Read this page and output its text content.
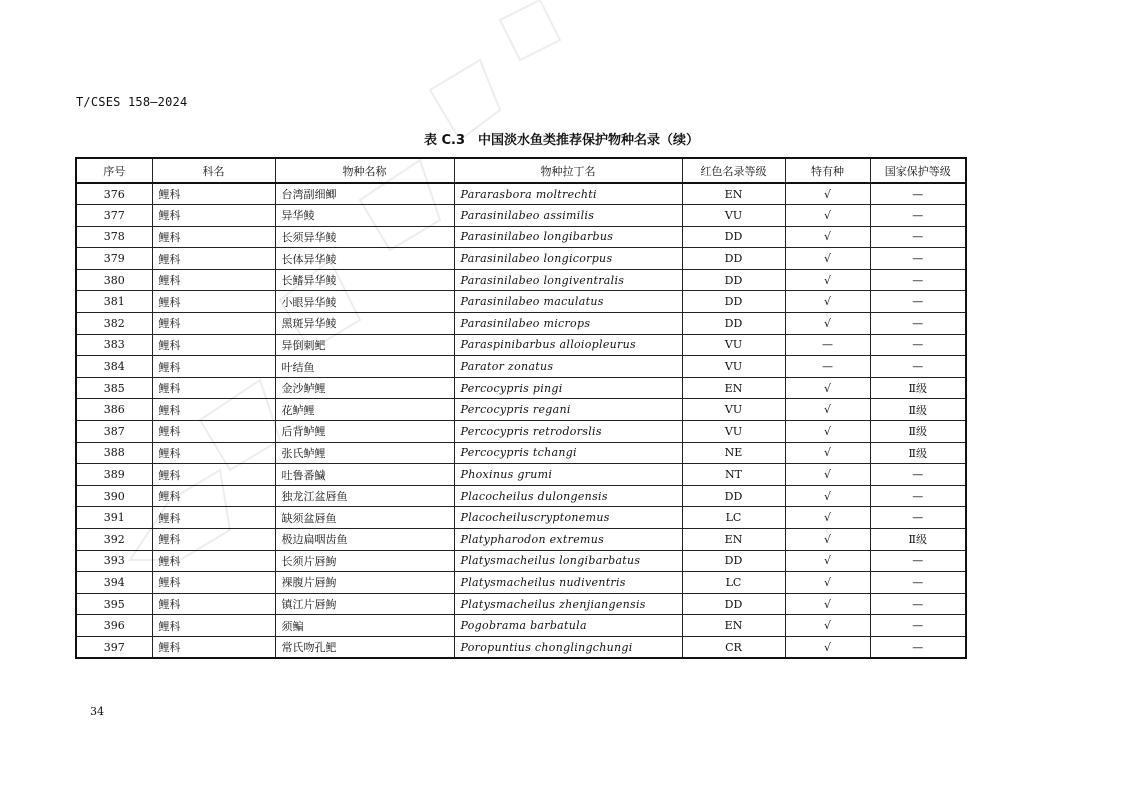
T/CSES 158—2024
表 C.3　中国淡水鱼类推荐保护物种名录（续）
序号	科名	物种名称	物种拉丁名	红色名录等级	特有种	国家保护等级
376	鲤科	台湾副细鲫	Pararasbora moltrechti	EN	√	—
377	鲤科	异华鲮	Parasinilabeo assimilis	VU	√	—
378	鲤科	长须异华鲮	Parasinilabeo longibarbus	DD	√	—
379	鲤科	长体异华鲮	Parasinilabeo longicorpus	DD	√	—
380	鲤科	长鳍异华鲮	Parasinilabeo longiventralis	DD	√	—
381	鲤科	小眼异华鲮	Parasinilabeo maculatus	DD	√	—
382	鲤科	黑斑异华鲮	Parasinilabeo microps	DD	√	—
383	鲤科	异倒刺鲃	Paraspinibarbus alloiopleurus	VU	—	—
384	鲤科	叶结鱼	Parator zonatus	VU	—	—
385	鲤科	金沙鲈鲤	Percocypris pingi	EN	√	Ⅱ级
386	鲤科	花鲈鲤	Percocypris regani	VU	√	Ⅱ级
387	鲤科	后背鲈鲤	Percocypris retrodorslis	VU	√	Ⅱ级
388	鲤科	张氏鲈鲤	Percocypris tchangi	NE	√	Ⅱ级
389	鲤科	吐鲁番鱥	Phoxinus grumi	NT	√	—
390	鲤科	独龙江盆唇鱼	Placocheilus dulongensis	DD	√	—
391	鲤科	缺须盆唇鱼	Placocheiluscryptonemus	LC	√	—
392	鲤科	极边扁咽齿鱼	Platypharodon extremus	EN	√	Ⅱ级
393	鲤科	长须片唇鮈	Platysmacheilus longibarbatus	DD	√	—
394	鲤科	裸腹片唇鮈	Platysmacheilus nudiventris	LC	√	—
395	鲤科	镇江片唇鮈	Platysmacheilus zhenjiangensis	DD	√	—
396	鲤科	须鳊	Pogobrama barbatula	EN	√	—
397	鲤科	常氏吻孔鲃	Poropuntius chonglingchungi	CR	√	—
34
